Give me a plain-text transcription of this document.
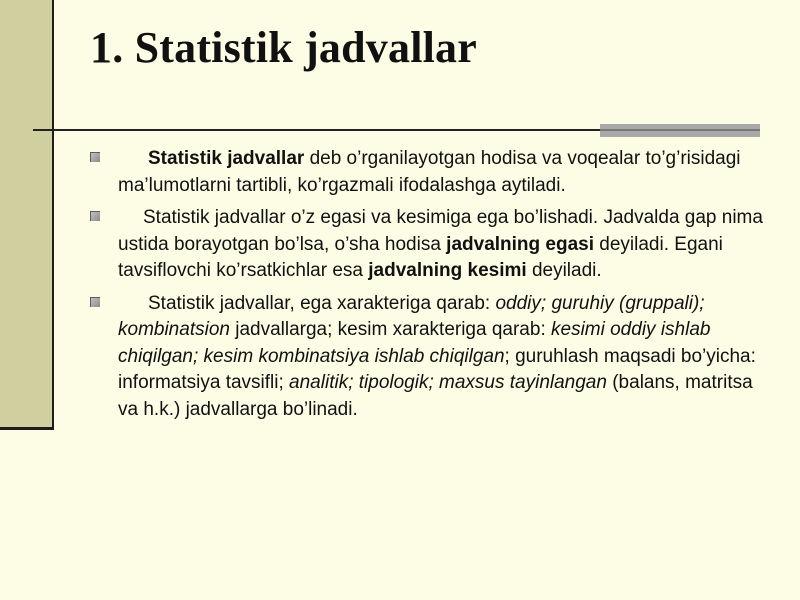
1. Statistik jadvallar
Statistik jadvallar deb o’rganilayotgan hodisa va voqealar to’g’risidagi ma’lumotlarni tartibli, ko’rgazmali ifodalashga aytiladi.
Statistik jadvallar o’z egasi va kesimiga ega bo’lishadi. Jadvalda gap nima ustida borayotgan bo’lsa, o’sha hodisa jadvalning egasi deyiladi. Egani tavsiflovchi ko’rsatkichlar esa jadvalning kesimi deyiladi.
Statistik jadvallar, ega xarakteriga qarab: oddiy; guruhiy (gruppali); kombinatsion jadvallarga; kesim xarakteriga qarab: kesimi oddiy ishlab chiqilgan; kesim kombinatsiya ishlab chiqilgan; guruhlash maqsadi bo’yicha: informatsiya tavsifli; analitik; tipologik; maxsus tayinlangan (balans, matritsa va h.k.) jadvallarga bo’linadi.
